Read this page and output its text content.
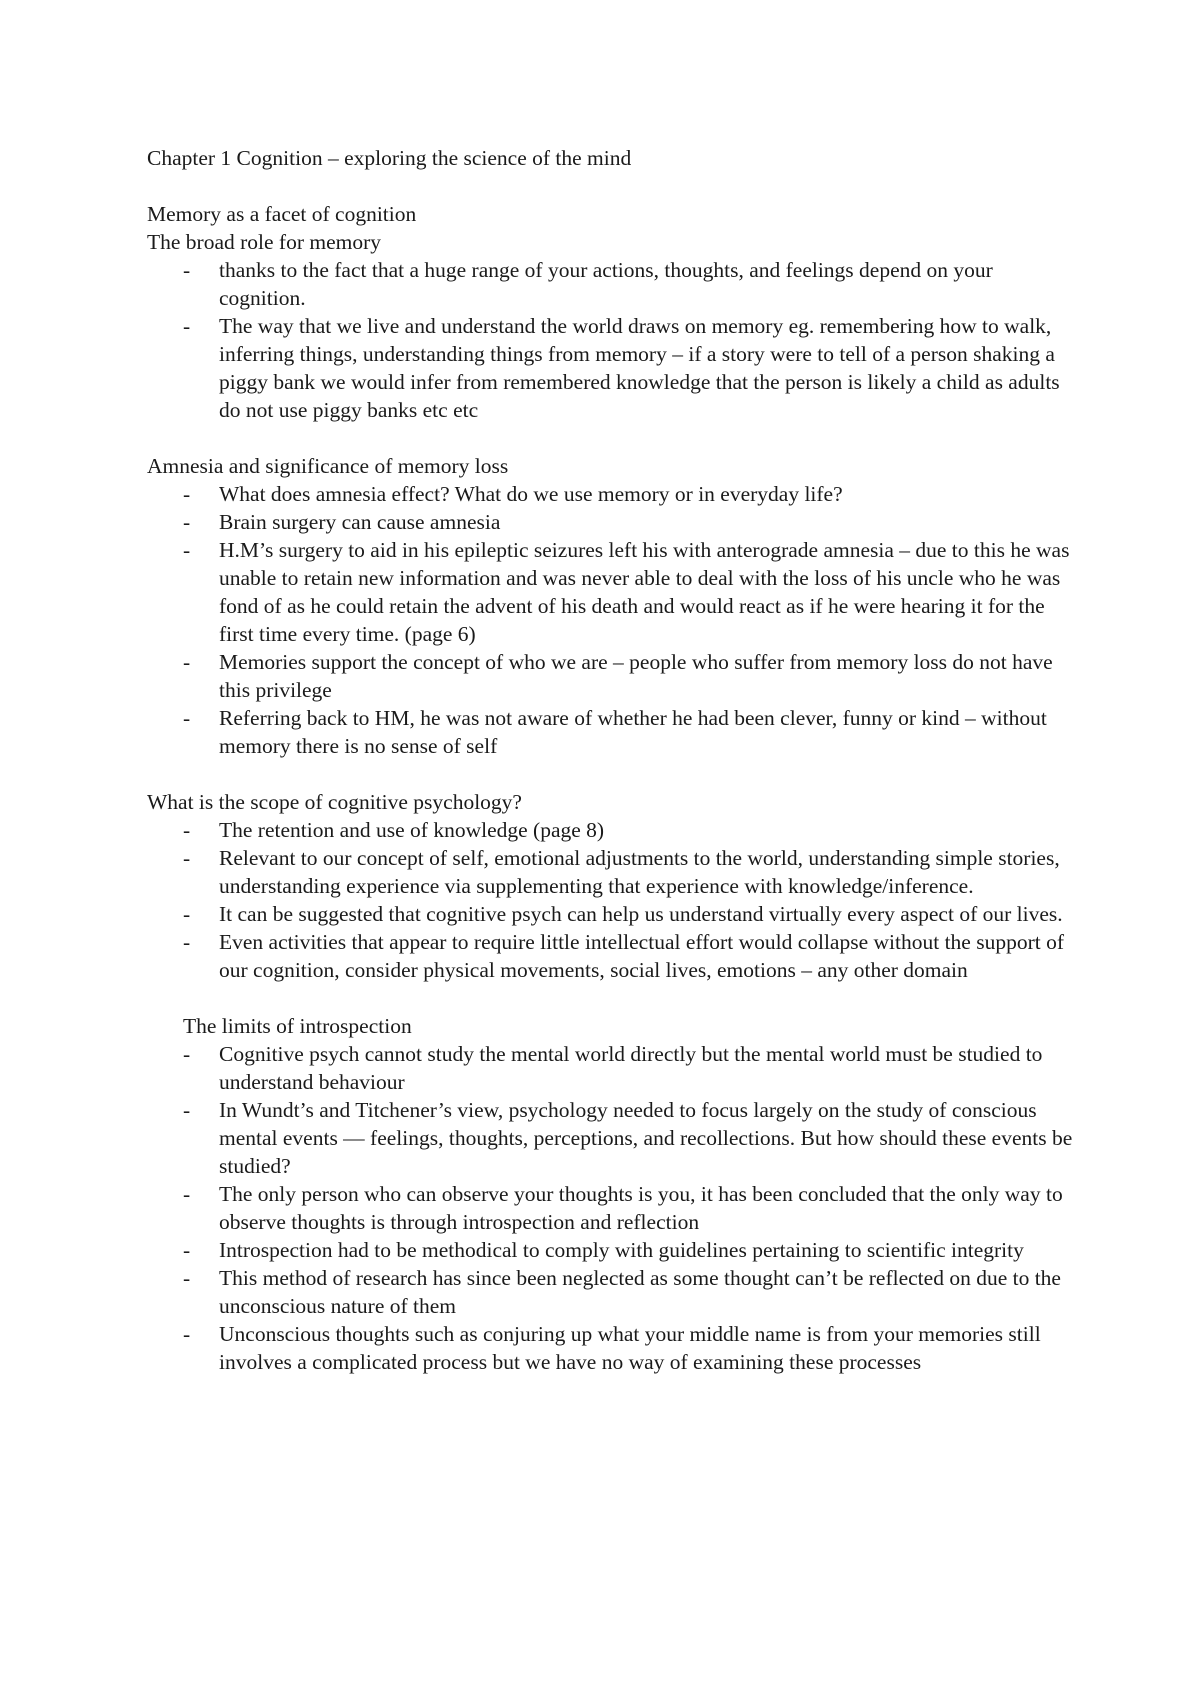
Chapter 1 Cognition – exploring the science of the mind
Memory as a facet of cognition
The broad role for memory
- thanks to the fact that a huge range of your actions, thoughts, and feelings depend on your cognition.
- The way that we live and understand the world draws on memory eg. remembering how to walk, inferring things, understanding things from memory – if a story were to tell of a person shaking a piggy bank we would infer from remembered knowledge that the person is likely a child as adults do not use piggy banks etc etc
Amnesia and significance of memory loss
- What does amnesia effect? What do we use memory or in everyday life?
- Brain surgery can cause amnesia
- H.M’s surgery to aid in his epileptic seizures left his with anterograde amnesia – due to this he was unable to retain new information and was never able to deal with the loss of his uncle who he was fond of as he could retain the advent of his death and would react as if he were hearing it for the first time every time. (page 6)
- Memories support the concept of who we are – people who suffer from memory loss do not have this privilege
- Referring back to HM, he was not aware of whether he had been clever, funny or kind – without memory there is no sense of self
What is the scope of cognitive psychology?
- The retention and use of knowledge (page 8)
- Relevant to our concept of self, emotional adjustments to the world, understanding simple stories, understanding experience via supplementing that experience with knowledge/inference.
- It can be suggested that cognitive psych can help us understand virtually every aspect of our lives.
- Even activities that appear to require little intellectual effort would collapse without the support of our cognition, consider physical movements, social lives, emotions – any other domain
The limits of introspection
- Cognitive psych cannot study the mental world directly but the mental world must be studied to understand behaviour
- In Wundt’s and Titchener’s view, psychology needed to focus largely on the study of conscious mental events — feelings, thoughts, perceptions, and recollections. But how should these events be studied?
- The only person who can observe your thoughts is you, it has been concluded that the only way to observe thoughts is through introspection and reflection
- Introspection had to be methodical to comply with guidelines pertaining to scientific integrity
- This method of research has since been neglected as some thought can’t be reflected on due to the unconscious nature of them
- Unconscious thoughts such as conjuring up what your middle name is from your memories still involves a complicated process but we have no way of examining these processes
